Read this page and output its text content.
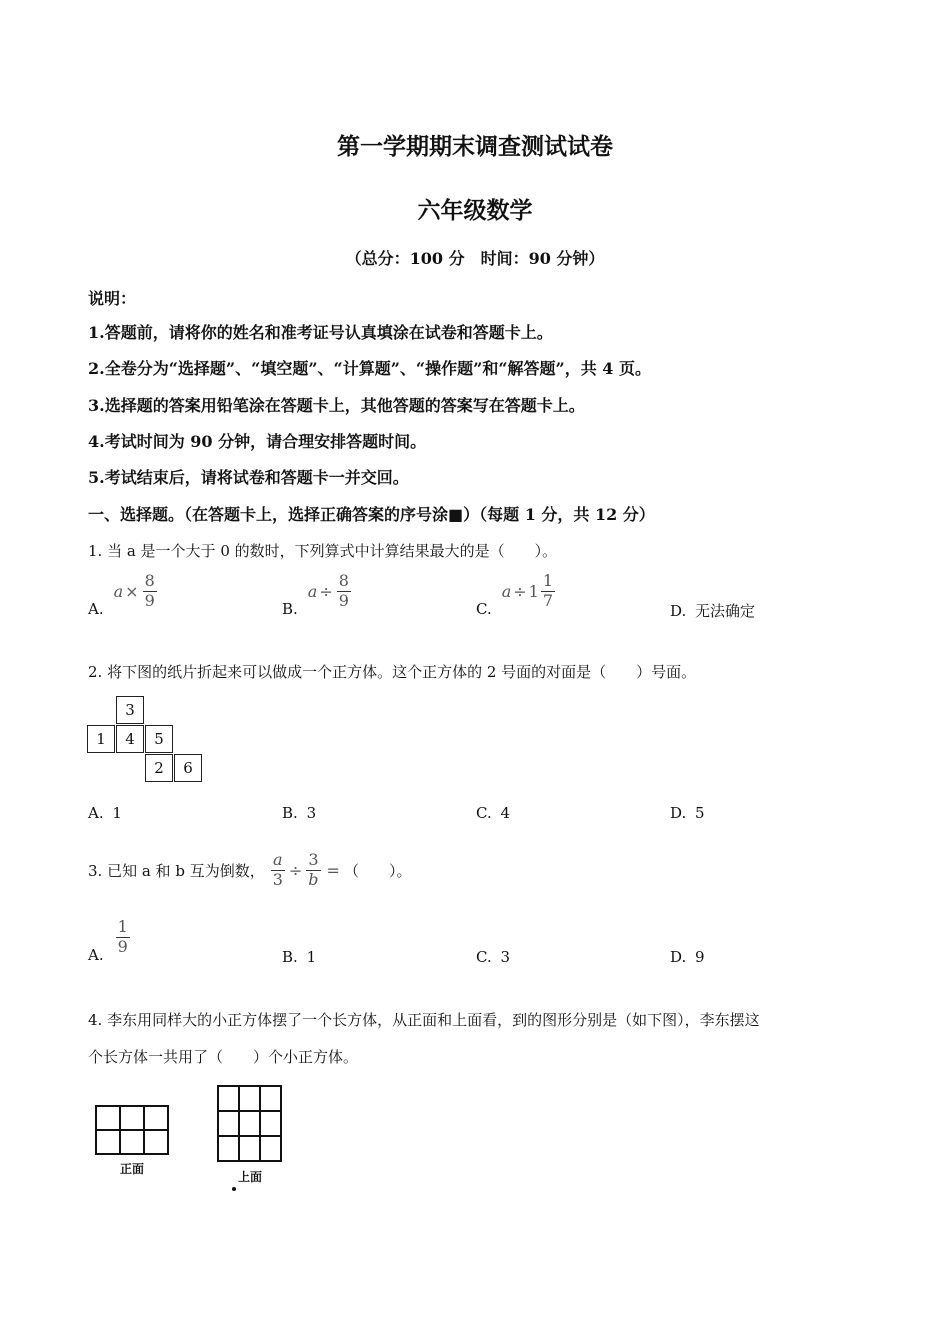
第一学期期末调查测试试卷
六年级数学
（总分：100 分　时间：90 分钟）
说明：
1.答题前，请将你的姓名和准考证号认真填涂在试卷和答题卡上。
2.全卷分为“选择题”、“填空题”、“计算题”、“操作题”和“解答题”，共 4 页。
3.选择题的答案用铅笔涂在答题卡上，其他答题的答案写在答题卡上。
4.考试时间为 90 分钟，请合理安排答题时间。
5.考试结束后，请将试卷和答题卡一并交回。
一、选择题。（在答题卡上，选择正确答案的序号涂■）（每题 1 分，共 12 分）
1. 当 a 是一个大于 0 的数时，下列算式中计算结果最大的是（　　）。
A.
$a \times \frac{8}{9}$	B.
$a \div \frac{8}{9}$	C.
$a \div 1 \frac{1}{7}$
D. 无法确定
2. 将下图的纸片折起来可以做成一个正方体。这个正方体的 2 号面的对面是（　　）号面。
3
1	4	5
2	6
A. 1	B. 3	C. 4	D. 5
3. 已知 a 和 b 互为倒数， $\frac{a}{3} \div \frac{3}{b}$ = （　　）。
A. $\frac{1}{9}$
B. 1	C. 3	D. 9
4. 李东用同样大的小正方体摆了一个长方体，从正面和上面看，到的图形分别是（如下图），李东摆这
个长方体一共用了（　　）个小正方体。
正面
上面
